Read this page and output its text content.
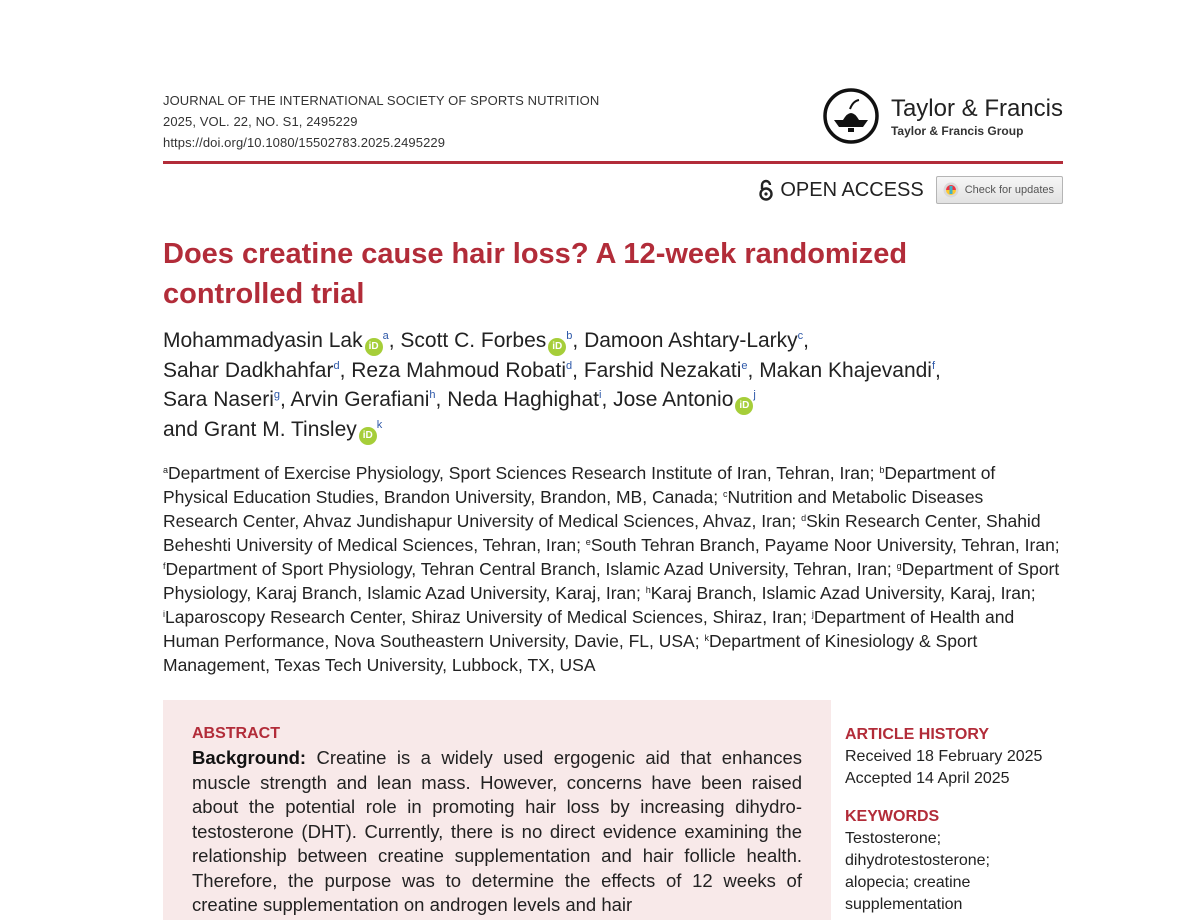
JOURNAL OF THE INTERNATIONAL SOCIETY OF SPORTS NUTRITION
2025, VOL. 22, NO. S1, 2495229
https://doi.org/10.1080/15502783.2025.2495229
Taylor & Francis
Taylor & Francis Group
OPEN ACCESS	Check for updates
Does creatine cause hair loss? A 12-week randomized controlled trial
Mohammadyasin Lak $iD^a$, Scott C. Forbes $iD^b$, Damoon Ashtary-Larky$^c$,
Sahar Dadkhahfar$^d$, Reza Mahmoud Robati$^d$, Farshid Nezakati$^e$, Makan Khajevandi$^f$,
Sara Naseri$^g$, Arvin Gerafiani$^h$, Neda Haghighat$^i$, Jose Antonio $iD^j$
and Grant M. Tinsley $iD^k$

$^a$Department of Exercise Physiology, Sport Sciences Research Institute of Iran, Tehran, Iran; $^b$Department of Physical Education Studies, Brandon University, Brandon, MB, Canada; $^c$Nutrition and Metabolic Diseases Research Center, Ahvaz Jundishapur University of Medical Sciences, Ahvaz, Iran; $^d$Skin Research Center, Shahid Beheshti University of Medical Sciences, Tehran, Iran; $^e$South Tehran Branch, Payame Noor University, Tehran, Iran; $^f$Department of Sport Physiology, Tehran Central Branch, Islamic Azad University, Tehran, Iran; $^g$Department of Sport Physiology, Karaj Branch, Islamic Azad University, Karaj, Iran; $^h$Karaj Branch, Islamic Azad University, Karaj, Iran; $^i$Laparoscopy Research Center, Shiraz University of Medical Sciences, Shiraz, Iran; $^j$Department of Health and Human Performance, Nova Southeastern University, Davie, FL, USA; $^k$Department of Kinesiology & Sport Management, Texas Tech University, Lubbock, TX, USA

ABSTRACT

Background: Creatine is a widely used ergogenic aid that enhances muscle strength and lean mass. However, concerns have been raised about the potential role in promoting hair loss by increasing dihydro-testosterone (DHT). Currently, there is no direct evidence examining the relationship between creatine supplementation and hair follicle health. Therefore, the purpose was to determine the effects of 12 weeks of creatine supplementation on androgen levels and hair

ARTICLE HISTORY
Received 18 February 2025
Accepted 14 April 2025
KEYWORDS
Testosterone;
dihydrotestosterone;
alopecia; creatine
supplementation
